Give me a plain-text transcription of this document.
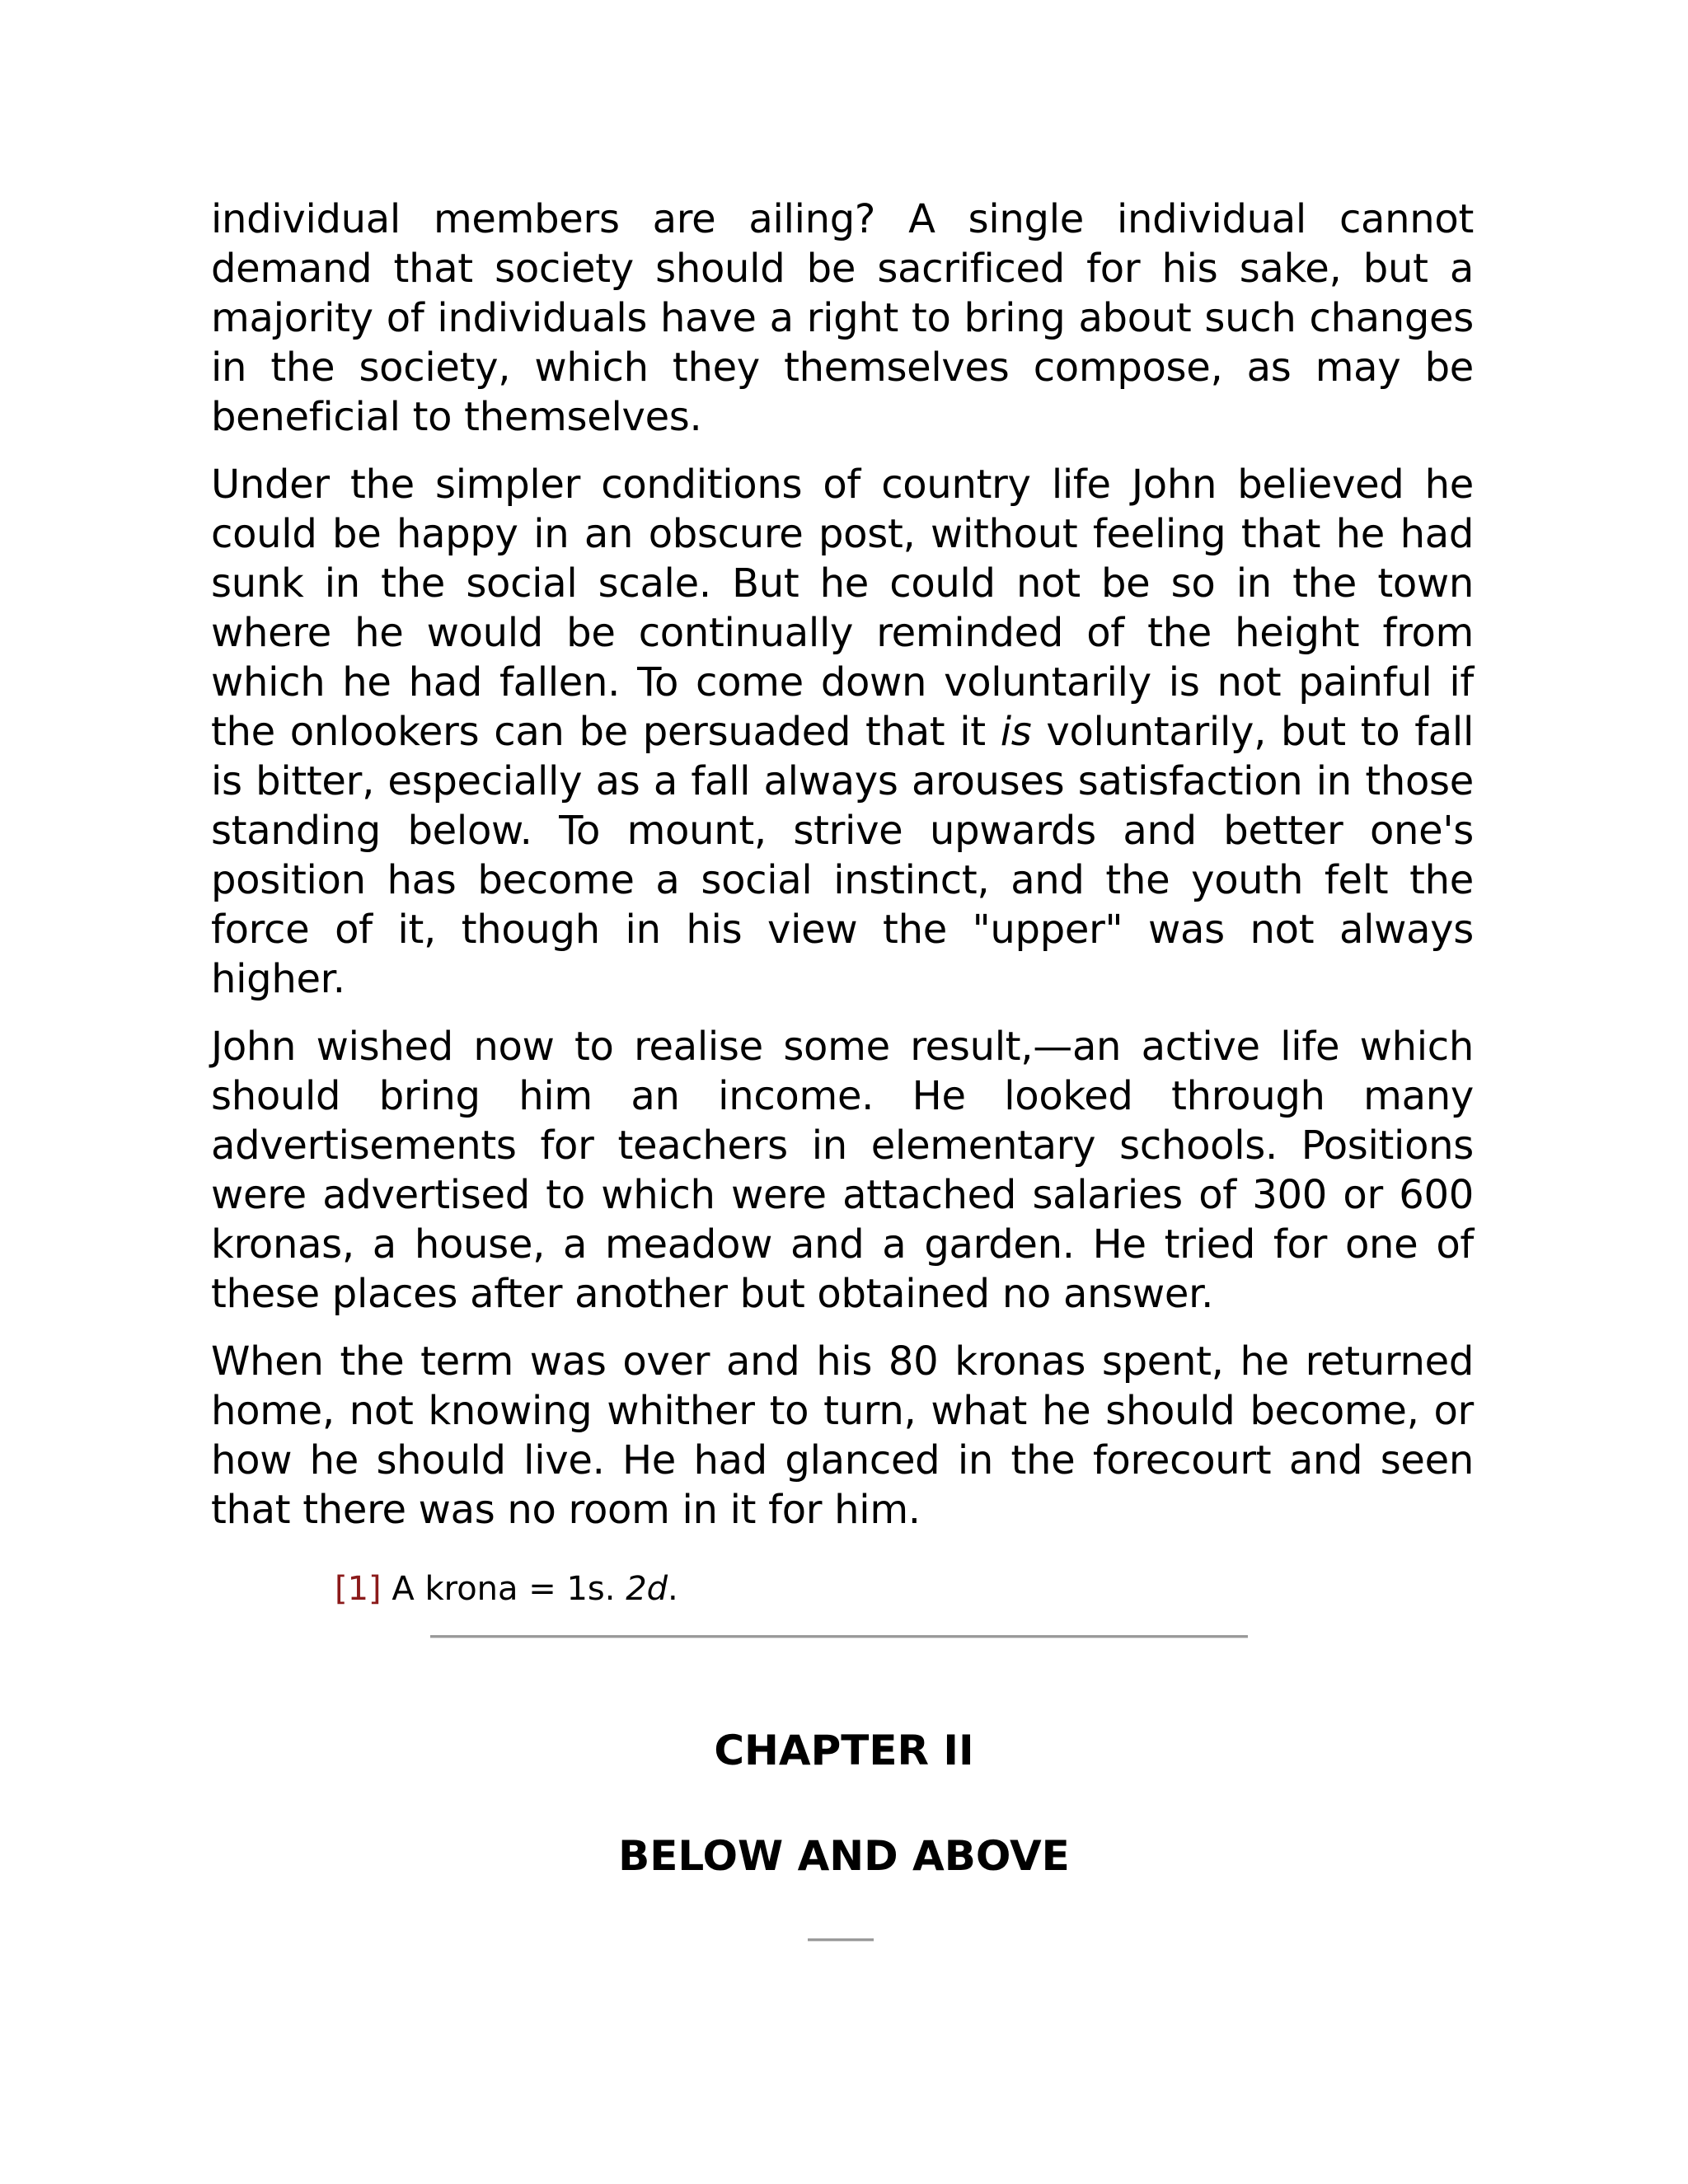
individual members are ailing? A single individual cannot demand that society should be sacrificed for his sake, but a majority of individuals have a right to bring about such changes in the society, which they themselves compose, as may be beneficial to themselves.

Under the simpler conditions of country life John believed he could be happy in an obscure post, without feeling that he had sunk in the social scale. But he could not be so in the town where he would be continually reminded of the height from which he had fallen. To come down voluntarily is not painful if the onlookers can be persuaded that it is voluntarily, but to fall is bitter, especially as a fall always arouses satisfaction in those standing below. To mount, strive upwards and better one's position has become a social instinct, and the youth felt the force of it, though in his view the "upper" was not always higher.

John wished now to realise some result,—an active life which should bring him an income. He looked through many advertisements for teachers in elementary schools. Positions were advertised to which were attached salaries of 300 or 600 kronas, a house, a meadow and a garden. He tried for one of these places after another but obtained no answer.

When the term was over and his 80 kronas spent, he returned home, not knowing whither to turn, what he should become, or how he should live. He had glanced in the forecourt and seen that there was no room in it for him.

[1] A krona = 1s. 2d.

CHAPTER II
BELOW AND ABOVE
